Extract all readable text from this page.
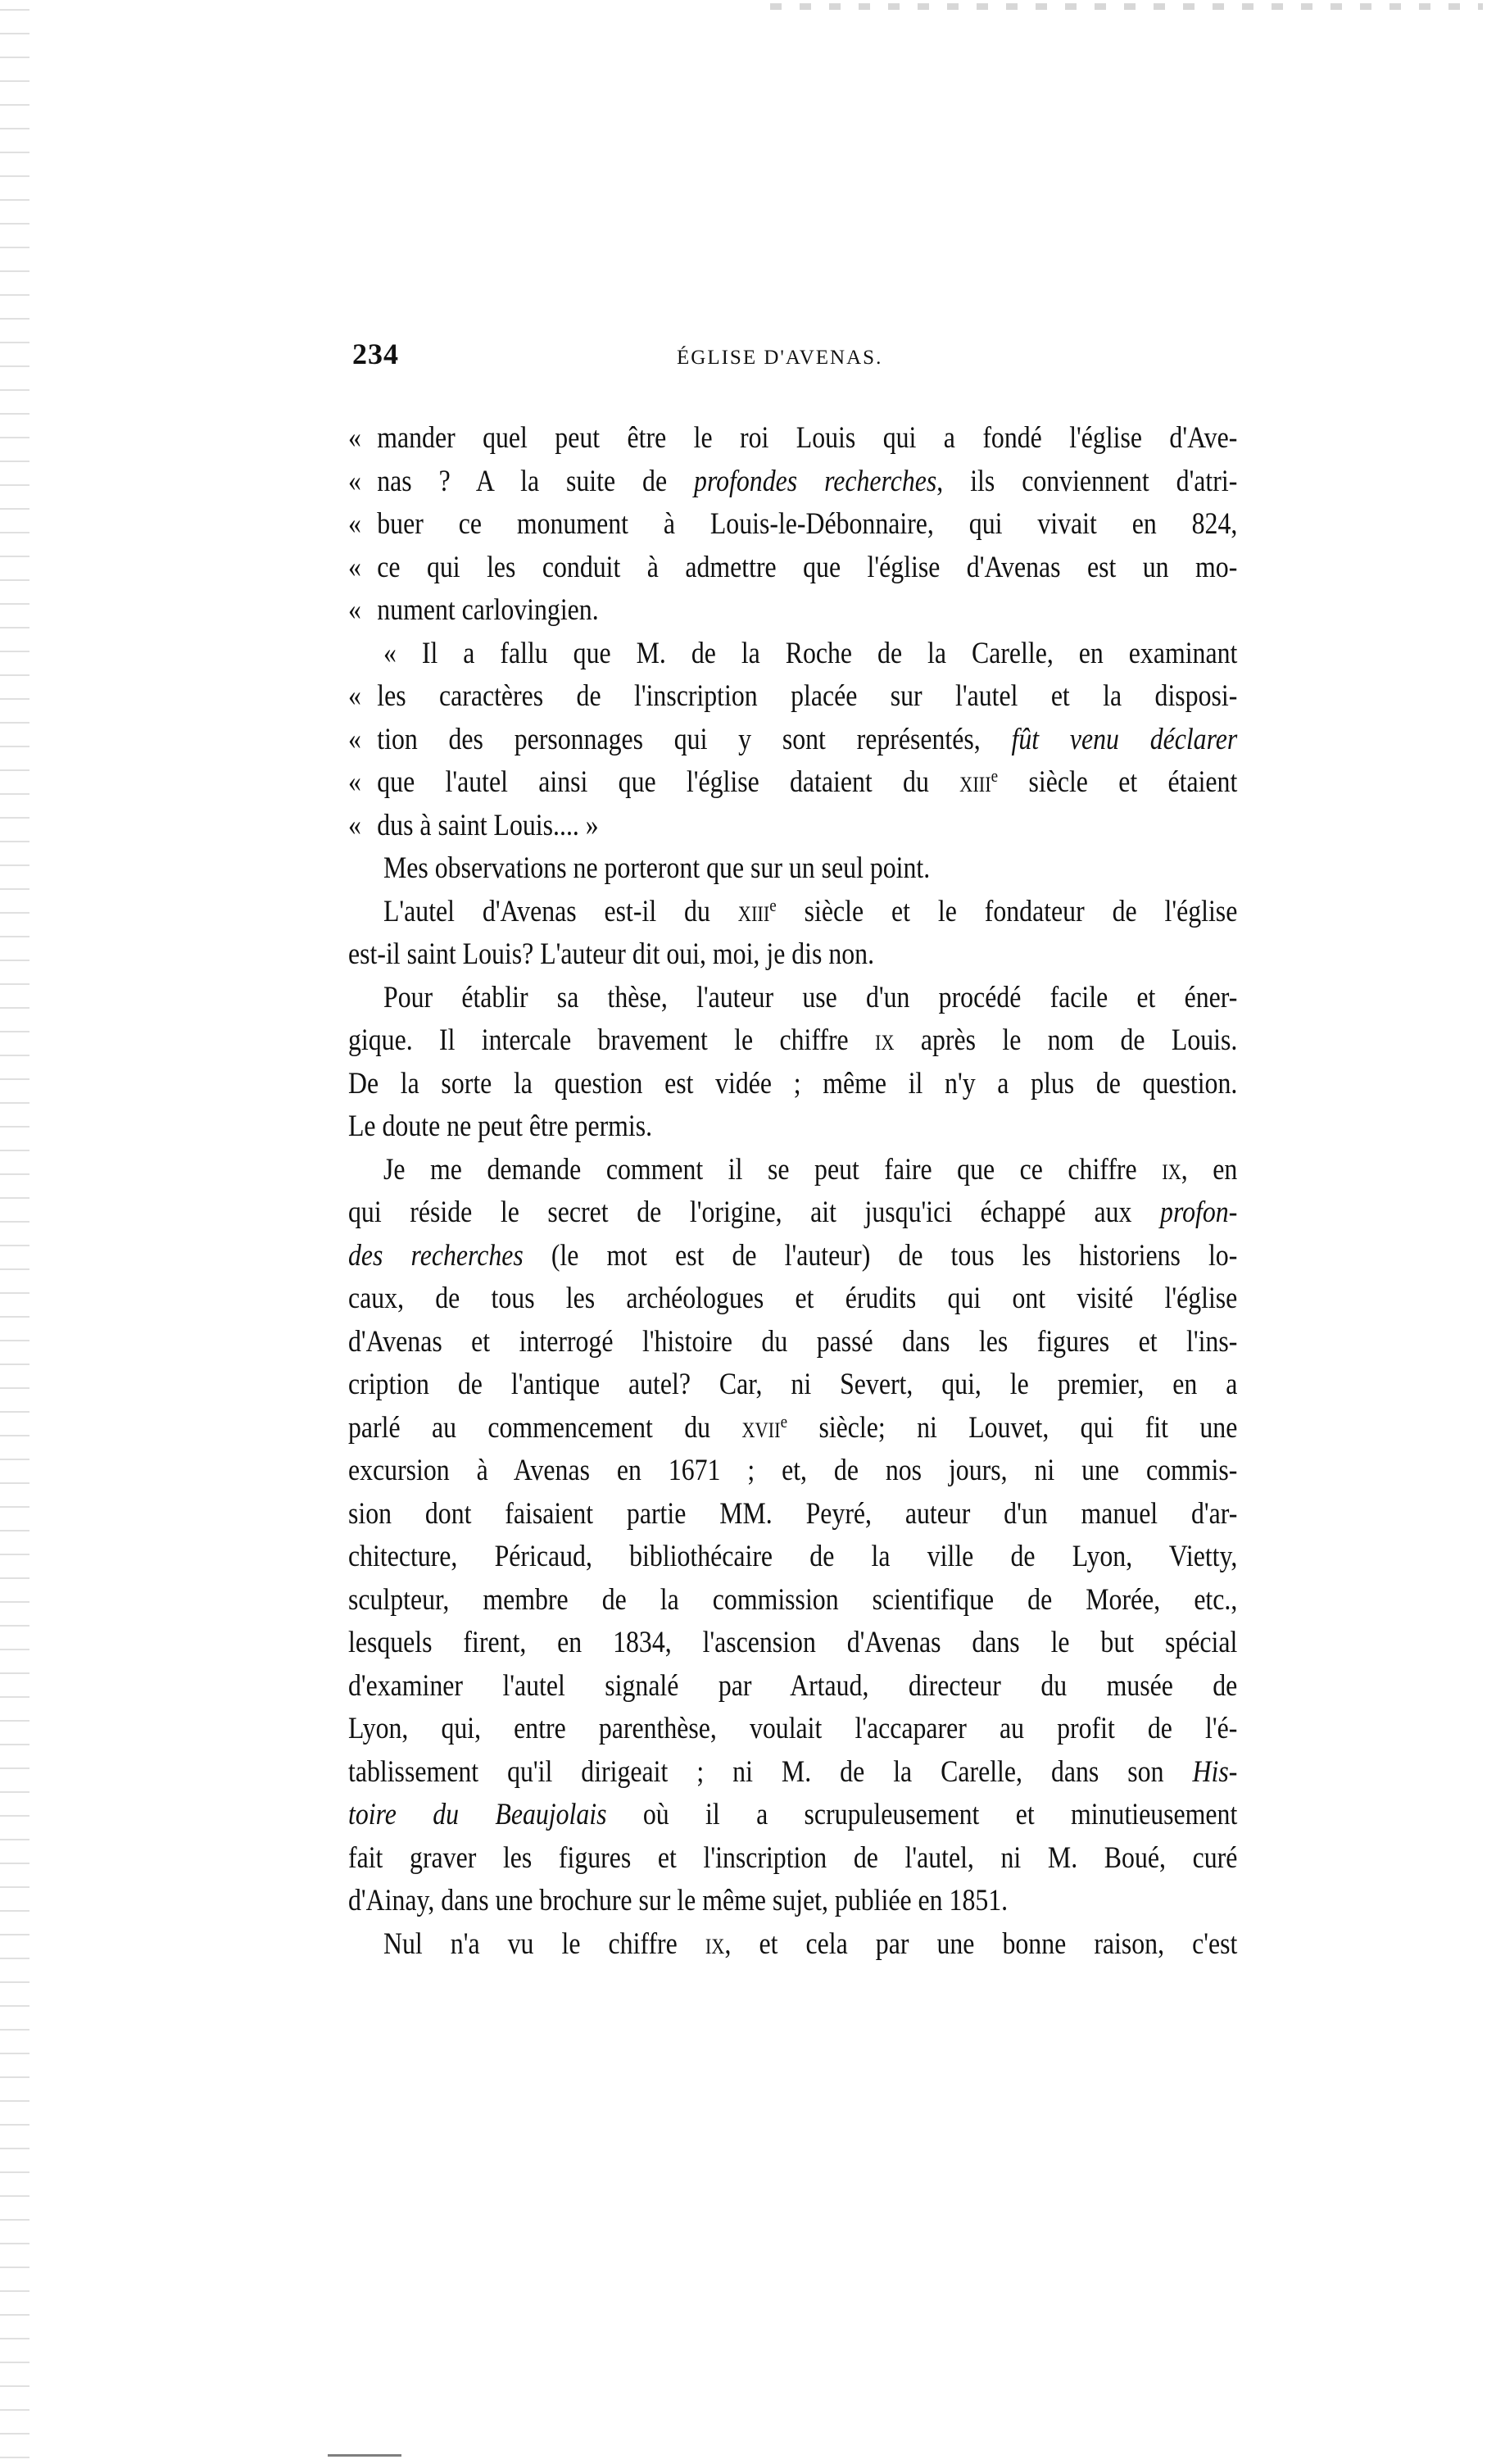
234	ÉGLISE D'AVENAS.
« mander quel peut être le roi Louis qui a fondé l'église d'Ave-
« nas ? A la suite de profondes recherches, ils conviennent d'atri-
« buer ce monument à Louis-le-Débonnaire, qui vivait en 824,
« ce qui les conduit à admettre que l'église d'Avenas est un mo-
« nument carlovingien.
« Il a fallu que M. de la Roche de la Carelle, en examinant
« les caractères de l'inscription placée sur l'autel et la disposi-
« tion des personnages qui y sont représentés, fût venu déclarer
« que l'autel ainsi que l'église dataient du xiii$^e$ siècle et étaient
« dus à saint Louis.... »
Mes observations ne porteront que sur un seul point.
L'autel d'Avenas est-il du xiii$^e$ siècle et le fondateur de l'église
est-il saint Louis? L'auteur dit oui, moi, je dis non.
Pour établir sa thèse, l'auteur use d'un procédé facile et éner-
gique. Il intercale bravement le chiffre ix après le nom de Louis.
De la sorte la question est vidée ; même il n'y a plus de question.
Le doute ne peut être permis.
Je me demande comment il se peut faire que ce chiffre ix, en
qui réside le secret de l'origine, ait jusqu'ici échappé aux profon-
des recherches (le mot est de l'auteur) de tous les historiens lo-
caux, de tous les archéologues et érudits qui ont visité l'église
d'Avenas et interrogé l'histoire du passé dans les figures et l'ins-
cription de l'antique autel? Car, ni Severt, qui, le premier, en a
parlé au commencement du xvii$^e$ siècle; ni Louvet, qui fit une
excursion à Avenas en 1671 ; et, de nos jours, ni une commis-
sion dont faisaient partie MM. Peyré, auteur d'un manuel d'ar-
chitecture, Péricaud, bibliothécaire de la ville de Lyon, Vietty,
sculpteur, membre de la commission scientifique de Morée, etc.,
lesquels firent, en 1834, l'ascension d'Avenas dans le but spécial
d'examiner l'autel signalé par Artaud, directeur du musée de
Lyon, qui, entre parenthèse, voulait l'accaparer au profit de l'é-
tablissement qu'il dirigeait ; ni M. de la Carelle, dans son His-
toire du Beaujolais où il a scrupuleusement et minutieusement
fait graver les figures et l'inscription de l'autel, ni M. Boué, curé
d'Ainay, dans une brochure sur le même sujet, publiée en 1851.
Nul n'a vu le chiffre ix, et cela par une bonne raison, c'est
